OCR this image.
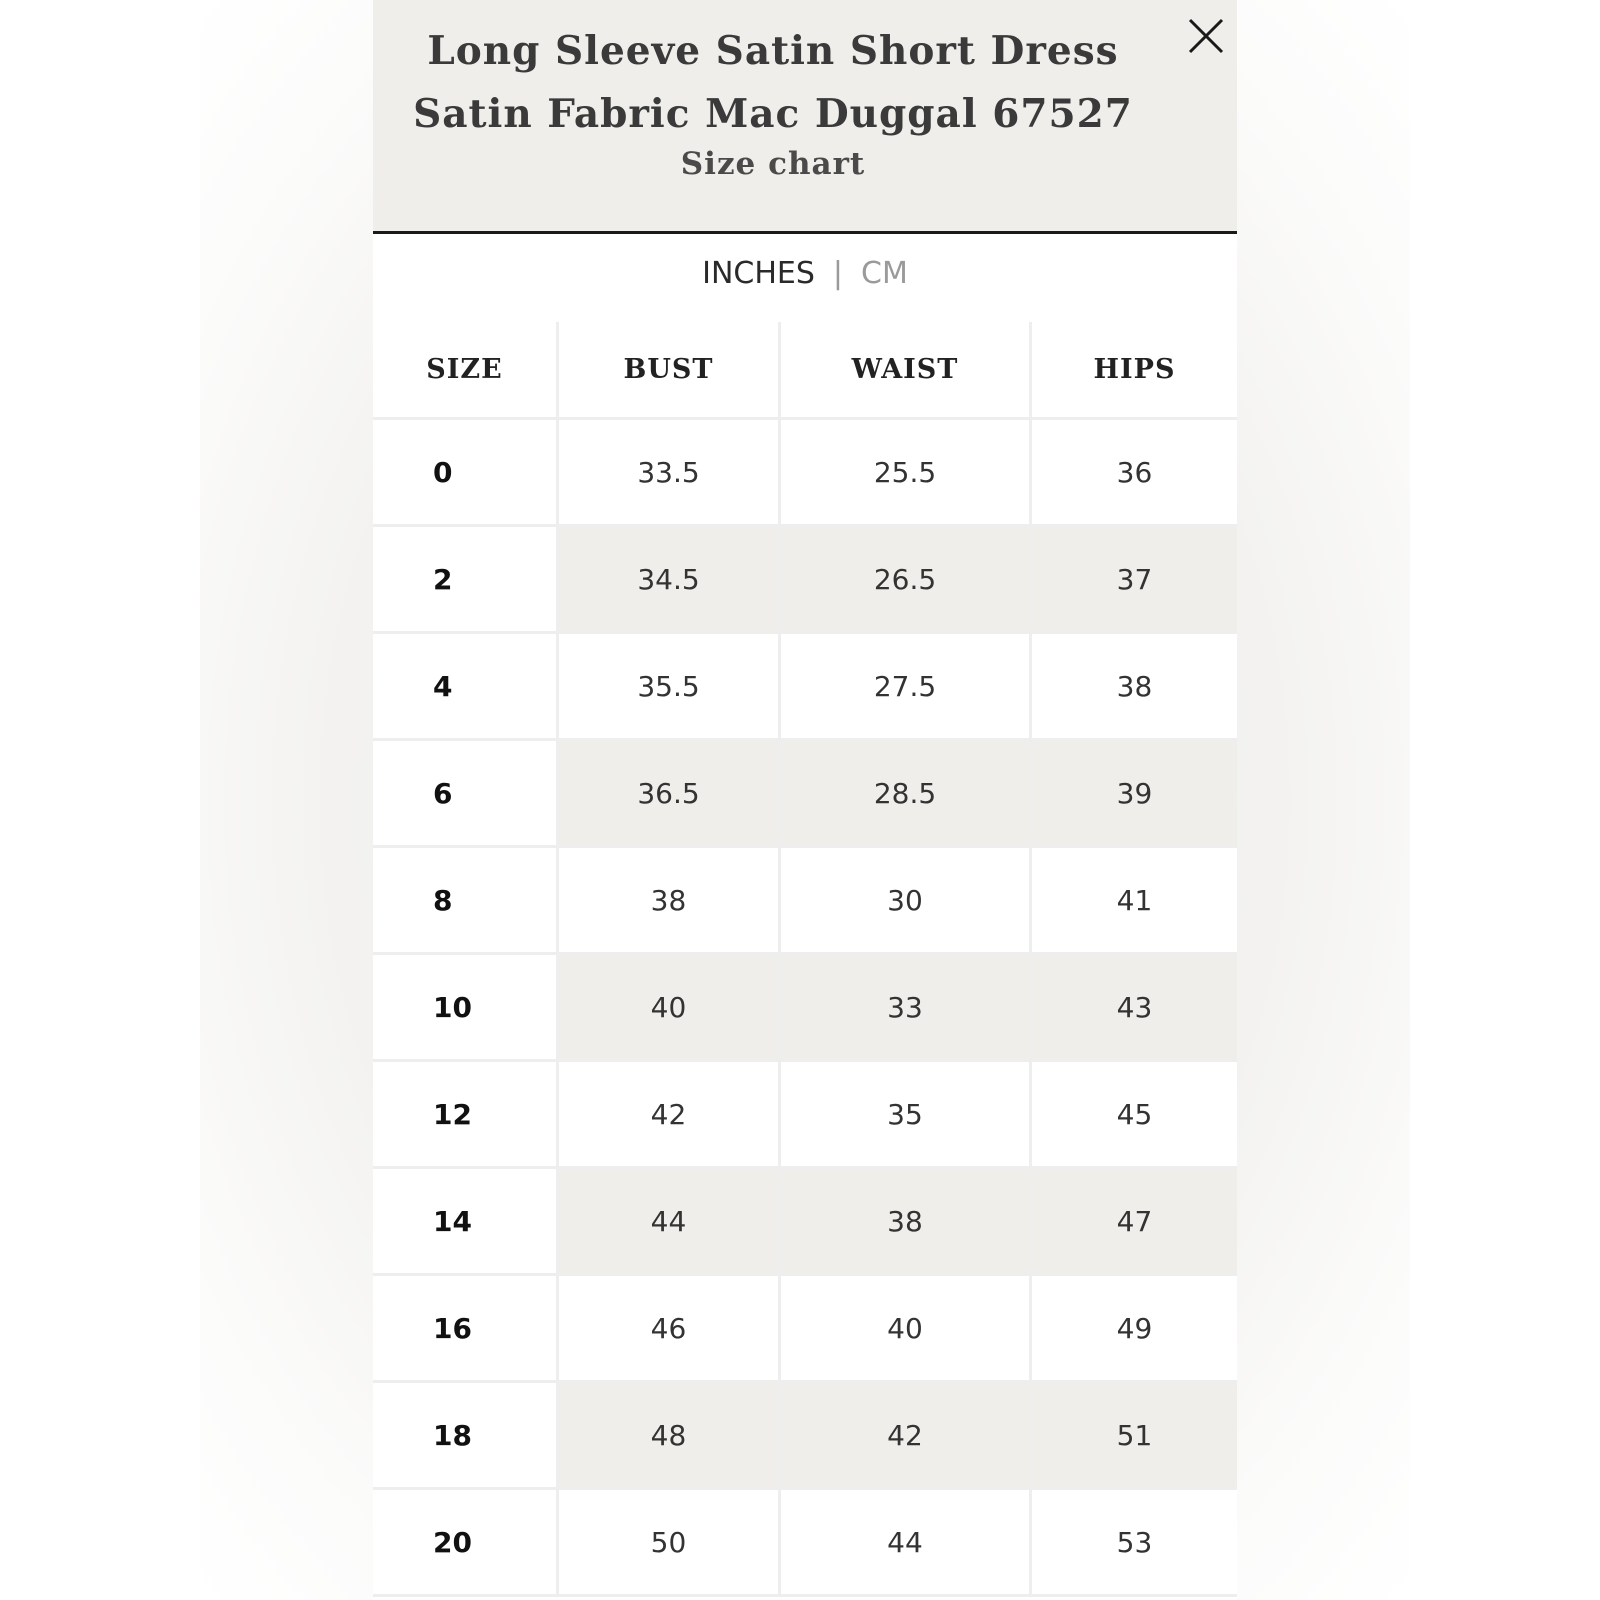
Long Sleeve Satin Short Dress Satin Fabric Mac Duggal 67527
Size chart
INCHES | CM
SIZE	BUST	WAIST	HIPS
0	33.5	25.5	36
2	34.5	26.5	37
4	35.5	27.5	38
6	36.5	28.5	39
8	38	30	41
10	40	33	43
12	42	35	45
14	44	38	47
16	46	40	49
18	48	42	51
20	50	44	53
